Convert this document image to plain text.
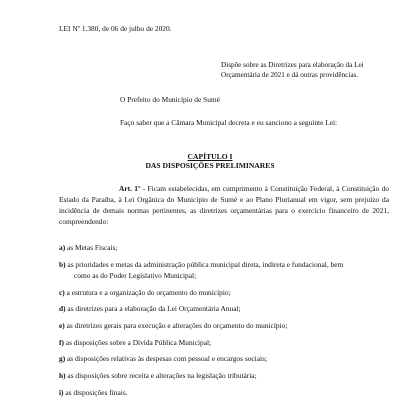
LEI Nº 1.380, de 06 de julho de 2020.

Dispõe sobre as Diretrizes para elaboração da Lei

Orçamentária de 2021 e dá outras providências.

O Prefeito do Município de Sumé
Faço saber que a Câmara Municipal decreta e eu sanciono a seguinte Lei:
CAPÍTULO I
DAS DISPOSIÇÕES PRELIMINARES

Art. 1º - Ficam estabelecidas, em cumprimento à Constituição Federal, à Constituição do Estado da Paraíba, à Lei Orgânica do Município de Sumé e ao Plano Plurianual em vigor, sem prejuízo da incidência de demais normas pertinentes, as diretrizes orçamentárias para o exercício financeiro de 2021, compreendendo:

a) as Metas Fiscais;
b) as prioridades e metas da administração pública municipal direta, indireta e fundacional, bem
como as do Poder Legislativo Municipal;
c) a estrutura e a organização do orçamento do município;
d) as diretrizes para a elaboração da Lei Orçamentária Anual;
e) as diretrizes gerais para execução e alterações do orçamento do município;
f) as disposições sobre a Dívida Pública Municipal;
g) as disposições relativas às despesas com pessoal e encargos sociais;
h) as disposições sobre receita e alterações na legislação tributária;
i) as disposições finais.
